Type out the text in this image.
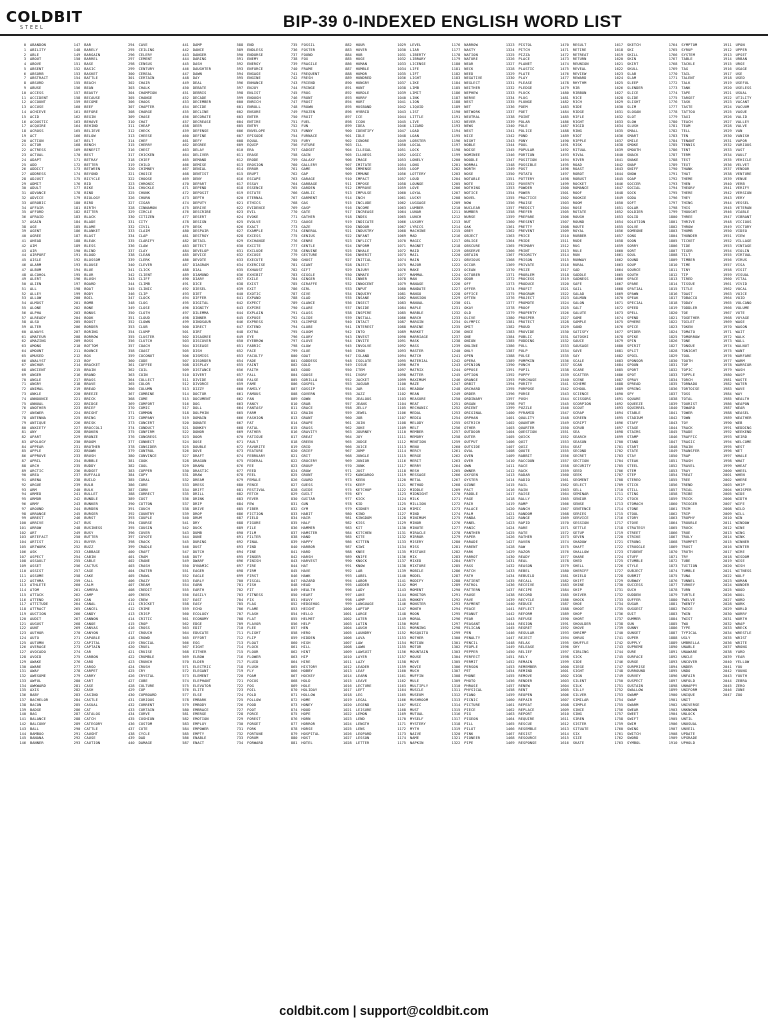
COLDBIT
STEEL	BIP-39 0-INDEXED ENGLISH WORD LIST
0	ABANDON
1	ABILITY
2	ABLE
3	ABOUT
4	ABOVE
5	ABSENT
6	ABSORB
7	ABSTRACT
8	ABSURD
9	ABUSE
10	ACCESS
11	ACCIDENT
12	ACCOUNT
13	ACCUSE
14	ACHIEVE
15	ACID
16	ACOUSTIC
17	ACQUIRE
18	ACROSS
19	ACT
20	ACTION
21	ACTOR
22	ACTRESS
23	ACTUAL
24	ADAPT
25	ADD
26	ADDICT
27	ADDRESS
28	ADJUST
29	ADMIT
30	ADULT
31	ADVANCE
32	ADVICE
33	AEROBIC
34	AFFAIR
35	AFFORD
36	AFRAID
37	AGAIN
38	AGE
39	AGENT
40	AGREE
41	AHEAD
42	AIM
43	AIR
44	AIRPORT
45	AISLE
46	ALARM
47	ALBUM
48	ALCOHOL
49	ALERT
50	ALIEN
51	ALL
52	ALLEY
53	ALLOW
54	ALMOST
55	ALONE
56	ALPHA
57	ALREADY
58	ALSO
59	ALTER
60	ALWAYS
61	AMATEUR
62	AMAZING
63	AMONG
64	AMOUNT
65	AMUSED
66	ANALYST
67	ANCHOR
68	ANCIENT
69	ANGER
70	ANGLE
71	ANGRY
72	ANIMAL
73	ANKLE
74	ANNOUNCE
75	ANNUAL
76	ANOTHER
77	ANSWER
78	ANTENNA
79	ANTIQUE
80	ANXIETY
81	ANY
82	APART
83	APOLOGY
84	APPEAR
85	APPLE
86	APPROVE
87	APRIL
88	ARCH
89	ARCTIC
90	AREA
91	ARENA
92	ARGUE
93	ARM
94	ARMED
95	ARMOR
96	ARMY
97	AROUND
98	ARRANGE
99	ARREST
100	ARRIVE
101	ARROW
102	ART
103	ARTEFACT
104	ARTIST
105	ARTWORK
106	ASK
107	ASPECT
108	ASSAULT
109	ASSET
110	ASSIST
111	ASSUME
112	ASTHMA
113	ATHLETE
114	ATOM
115	ATTACK
116	ATTEND
117	ATTITUDE
118	ATTRACT
119	AUCTION
120	AUDIT
121	AUGUST
122	AUNT
123	AUTHOR
124	AUTO
125	AUTUMN
126	AVERAGE
127	AVOCADO
128	AVOID
129	AWAKE
130	AWARE
131	AWAY
132	AWESOME
133	AWFUL
134	AWKWARD
135	AXIS
136	BABY
137	BACHELOR
138	BACON
139	BADGE
140	BAG
141	BALANCE
142	BALCONY
143	BALL
144	BAMBOO
145	BANANA
146	BANNER
147	BAR
148	BARELY
149	BARGAIN
150	BARREL
151	BASE
152	BASIC
153	BASKET
154	BATTLE
155	BEACH
156	BEAN
157	BEAUTY
158	BECAUSE
159	BECOME
160	BEEF
161	BEFORE
162	BEGIN
163	BEHAVE
164	BEHIND
165	BELIEVE
166	BELOW
167	BELT
168	BENCH
169	BENEFIT
170	BEST
171	BETRAY
172	BETTER
173	BETWEEN
174	BEYOND
175	BICYCLE
176	BID
177	BIKE
178	BIND
179	BIOLOGY
180	BIRD
181	BIRTH
182	BITTER
183	BLACK
184	BLADE
185	BLAME
186	BLANKET
187	BLAST
188	BLEAK
189	BLESS
190	BLIND
191	BLOOD
192	BLOSSOM
193	BLOUSE
194	BLUE
195	BLUR
196	BLUSH
197	BOARD
198	BOAT
199	BODY
200	BOIL
201	BOMB
202	BONE
203	BONUS
204	BOOK
205	BOOST
206	BORDER
207	BORING
208	BORROW
209	BOSS
210	BOTTOM
211	BOUNCE
212	BOX
213	BOY
214	BRACKET
215	BRAIN
216	BRAND
217	BRASS
218	BRAVE
219	BREAD
220	BREEZE
221	BRICK
222	BRIDGE
223	BRIEF
224	BRIGHT
225	BRING
226	BRISK
227	BROCCOLI
228	BROKEN
229	BRONZE
230	BROOM
231	BROTHER
232	BROWN
233	BRUSH
234	BUBBLE
235	BUDDY
236	BUDGET
237	BUFFALO
238	BUILD
239	BULB
240	BULK
241	BULLET
242	BUNDLE
243	BUNKER
244	BURDEN
245	BURGER
246	BURST
247	BUS
248	BUSINESS
249	BUSY
250	BUTTER
251	BUYER
252	BUZZ
253	CABBAGE
254	CABIN
255	CABLE
256	CACTUS
257	CAGE
258	CAKE
259	CALL
260	CALM
261	CAMERA
262	CAMP
263	CAN
264	CANAL
265	CANCEL
266	CANDY
267	CANNON
268	CANOE
269	CANVAS
270	CANYON
271	CAPABLE
272	CAPITAL
273	CAPTAIN
274	CAR
275	CARBON
276	CARD
277	CARGO
278	CARPET
279	CARRY
280	CART
281	CASE
282	CASH
283	CASINO
284	CASTLE
285	CASUAL
286	CAT
287	CATALOG
288	CATCH
289	CATEGORY
290	CATTLE
291	CAUGHT
292	CAUSE
293	CAUTION
294	CAVE
295	CEILING
296	CELERY
297	CEMENT
298	CENSUS
299	CENTURY
300	CEREAL
301	CERTAIN
302	CHAIR
303	CHALK
304	CHAMPION
305	CHANGE
306	CHAOS
307	CHAPTER
308	CHARGE
309	CHASE
310	CHAT
311	CHEAP
312	CHECK
313	CHEESE
314	CHEF
315	CHERRY
316	CHEST
317	CHICKEN
318	CHIEF
319	CHILD
320	CHIMNEY
321	CHOICE
322	CHOOSE
323	CHRONIC
324	CHUCKLE
325	CHUNK
326	CHURN
327	CIGAR
328	CINNAMON
329	CIRCLE
330	CITIZEN
331	CITY
332	CIVIL
333	CLAIM
334	CLAP
335	CLARIFY
336	CLAW
337	CLAY
338	CLEAN
339	CLERK
340	CLEVER
341	CLICK
342	CLIENT
343	CLIFF
344	CLIMB
345	CLINIC
346	CLIP
347	CLOCK
348	CLOG
349	CLOSE
350	CLOTH
351	CLOUD
352	CLOWN
353	CLUB
354	CLUMP
355	CLUSTER
356	CLUTCH
357	COACH
358	COAST
359	COCONUT
360	CODE
361	COFFEE
362	COIL
363	COIN
364	COLLECT
365	COLOR
366	COLUMN
367	COMBINE
368	COME
369	COMFORT
370	COMIC
371	COMMON
372	COMPANY
373	CONCERT
374	CONDUCT
375	CONFIRM
376	CONGRESS
377	CONNECT
378	CONSIDER
379	CONTROL
380	CONVINCE
381	COOK
382	COOL
383	COPPER
384	COPY
385	CORAL
386	CORE
387	CORN
388	CORRECT
389	COST
390	COTTON
391	COUCH
392	COUNTRY
393	COUPLE
394	COURSE
395	COUSIN
396	COVER
397	COYOTE
398	CRACK
399	CRADLE
400	CRAFT
401	CRAM
402	CRANE
403	CRASH
404	CRATER
405	CRAWL
406	CRAZY
407	CREAM
408	CREDIT
409	CREEK
410	CREW
411	CRICKET
412	CRIME
413	CRISP
414	CRITIC
415	CROP
416	CROSS
417	CROUCH
418	CROWD
419	CRUCIAL
420	CRUEL
421	CRUISE
422	CRUMBLE
423	CRUNCH
424	CRUSH
425	CRY
426	CRYSTAL
427	CUBE
428	CULTURE
429	CUP
430	CUPBOARD
431	CURIOUS
432	CURRENT
433	CURTAIN
434	CURVE
435	CUSHION
436	CUSTOM
437	CUTE
438	CYCLE
439	DAD
440	DAMAGE
441	DAMP
442	DANCE
443	DANGER
444	DARING
445	DASH
446	DAUGHTER
447	DAWN
448	DAY
449	DEAL
450	DEBATE
451	DEBRIS
452	DECADE
453	DECEMBER
454	DECIDE
455	DECLINE
456	DECORATE
457	DECREASE
458	DEER
459	DEFENSE
460	DEFINE
461	DEFY
462	DEGREE
463	DELAY
464	DELIVER
465	DEMAND
466	DEMISE
467	DENIAL
468	DENTIST
469	DENY
470	DEPART
471	DEPEND
472	DEPOSIT
473	DEPTH
474	DEPUTY
475	DERIVE
476	DESCRIBE
477	DESERT
478	DESIGN
479	DESK
480	DESPAIR
481	DESTROY
482	DETAIL
483	DETECT
484	DEVELOP
485	DEVICE
486	DEVOTE
487	DIAGRAM
488	DIAL
489	DIAMOND
490	DIARY
491	DICE
492	DIESEL
493	DIET
494	DIFFER
495	DIGITAL
496	DIGNITY
497	DILEMMA
498	DINNER
499	DINOSAUR
500	DIRECT
501	DIRT
502	DISAGREE
503	DISCOVER
504	DISEASE
505	DISH
506	DISMISS
507	DISORDER
508	DISPLAY
509	DISTANCE
510	DIVERT
511	DIVIDE
512	DIVORCE
513	DIZZY
514	DOCTOR
515	DOCUMENT
516	DOG
517	DOLL
518	DOLPHIN
519	DOMAIN
520	DONATE
521	DONKEY
522	DONOR
523	DOOR
524	DOSE
525	DOUBLE
526	DOVE
527	DRAFT
528	DRAGON
529	DRAMA
530	DRASTIC
531	DRAW
532	DREAM
533	DRESS
534	DRIFT
535	DRILL
536	DRINK
537	DRIP
538	DRIVE
539	DROP
540	DRUM
541	DRY
542	DUCK
543	DUMB
544	DUNE
545	DURING
546	DUST
547	DUTCH
548	DUTY
549	DWARF
550	DYNAMIC
551	EAGER
552	EAGLE
553	EARLY
554	EARN
555	EARTH
556	EASILY
557	EAST
558	EASY
559	ECHO
560	ECOLOGY
561	ECONOMY
562	EDGE
563	EDIT
564	EDUCATE
565	EFFORT
566	EGG
567	EIGHT
568	EITHER
569	ELBOW
570	ELDER
571	ELECTRIC
572	ELEGANT
573	ELEMENT
574	ELEPHANT
575	ELEVATOR
576	ELITE
577	ELSE
578	EMBARK
579	EMBODY
580	EMBRACE
581	EMERGE
582	EMOTION
583	EMPLOY
584	EMPOWER
585	EMPTY
586	ENABLE
587	ENACT
588	END
589	ENDLESS
590	ENDORSE
591	ENEMY
592	ENERGY
593	ENFORCE
594	ENGAGE
595	ENGINE
596	ENHANCE
597	ENJOY
598	ENLIST
599	ENOUGH
600	ENRICH
601	ENROLL
602	ENSURE
603	ENTER
604	ENTIRE
605	ENTRY
606	ENVELOPE
607	EPISODE
608	EQUAL
609	EQUIP
610	ERA
611	ERASE
612	ERODE
613	EROSION
614	ERROR
615	ERUPT
616	ESCAPE
617	ESSAY
618	ESSENCE
619	ESTATE
620	ETERNAL
621	ETHICS
622	EVIDENCE
623	EVIL
624	EVOKE
625	EVOLVE
626	EXACT
627	EXAMPLE
628	EXCESS
629	EXCHANGE
630	EXCITE
631	EXCLUDE
632	EXCUSE
633	EXECUTE
634	EXERCISE
635	EXHAUST
636	EXHIBIT
637	EXILE
638	EXIST
639	EXIT
640	EXOTIC
641	EXPAND
642	EXPECT
643	EXPIRE
644	EXPLAIN
645	EXPOSE
646	EXPRESS
647	EXTEND
648	EXTRA
649	EYE
650	EYEBROW
651	FABRIC
652	FACE
653	FACULTY
654	FADE
655	FAINT
656	FAITH
657	FALL
658	FALSE
659	FAME
660	FAMILY
661	FAMOUS
662	FAN
663	FANCY
664	FANTASY
665	FARM
666	FASHION
667	FAT
668	FATAL
669	FATHER
670	FATIGUE
671	FAULT
672	FAVORITE
673	FEATURE
674	FEBRUARY
675	FEDERAL
676	FEE
677	FEED
678	FEEL
679	FEMALE
680	FENCE
681	FESTIVAL
682	FETCH
683	FEVER
684	FEW
685	FIBER
686	FICTION
687	FIELD
688	FIGURE
689	FILE
690	FILM
691	FILTER
692	FINAL
693	FIND
694	FINE
695	FINGER
696	FINISH
697	FIRE
698	FIRM
699	FIRST
700	FISCAL
701	FISH
702	FIT
703	FITNESS
704	FIX
705	FLAG
706	FLAME
707	FLASH
708	FLAT
709	FLAVOR
710	FLEE
711	FLIGHT
712	FLIP
713	FLOAT
714	FLOCK
715	FLOOR
716	FLOWER
717	FLUID
718	FLUSH
719	FLY
720	FOAM
721	FOCUS
722	FOG
723	FOIL
724	FOLD
725	FOLLOW
726	FOOD
727	FOOT
728	FORCE
729	FOREST
730	FORGET
731	FORK
732	FORTUNE
733	FORUM
734	FORWARD
735	FOSSIL
736	FOSTER
737	FOUND
738	FOX
739	FRAGILE
740	FRAME
741	FREQUENT
742	FRESH
743	FRIEND
744	FRINGE
745	FROG
746	FRONT
747	FROST
748	FROWN
749	FROZEN
750	FRUIT
751	FUEL
752	FUN
753	FUNNY
754	FURNACE
755	FURY
756	FUTURE
757	GADGET
758	GAIN
759	GALAXY
760	GALLERY
761	GAME
762	GAP
763	GARAGE
764	GARBAGE
765	GARDEN
766	GARLIC
767	GARMENT
768	GAS
769	GASP
770	GATE
771	GATHER
772	GAUGE
773	GAZE
774	GENERAL
775	GENIUS
776	GENRE
777	GENTLE
778	GENUINE
779	GESTURE
780	GHOST
781	GIANT
782	GIFT
783	GIGGLE
784	GINGER
785	GIRAFFE
786	GIRL
787	GIVE
788	GLAD
789	GLANCE
790	GLARE
791	GLASS
792	GLIDE
793	GLIMPSE
794	GLOBE
795	GLOOM
796	GLORY
797	GLOVE
798	GLOW
799	GLUE
800	GOAT
801	GODDESS
802	GOLD
803	GOOD
804	GOOSE
805	GORILLA
806	GOSPEL
807	GOSSIP
808	GOVERN
809	GOWN
810	GRAB
811	GRACE
812	GRAIN
813	GRANT
814	GRAPE
815	GRASS
816	GRAVITY
817	GREAT
818	GREEN
819	GRID
820	GRIEF
821	GRIT
822	GROCERY
823	GROUP
824	GROW
825	GRUNT
826	GUARD
827	GUESS
828	GUIDE
829	GUILT
830	GUITAR
831	GUN
832	GYM
833	HABIT
834	HAIR
835	HALF
836	HAMMER
837	HAMSTER
838	HAND
839	HAPPY
840	HARBOR
841	HARD
842	HARSH
843	HARVEST
844	HAT
845	HAVE
846	HAWK
847	HAZARD
848	HEAD
849	HEALTH
850	HEART
851	HEAVY
852	HEDGEHOG
853	HEIGHT
854	HELLO
855	HELMET
856	HELP
857	HEN
858	HERO
859	HIDDEN
860	HIGH
861	HILL
862	HINT
863	HIP
864	HIRE
865	HISTORY
866	HOBBY
867	HOCKEY
868	HOLD
869	HOLE
870	HOLIDAY
871	HOLLOW
872	HOME
873	HONEY
874	HOOD
875	HOPE
876	HORN
877	HORROR
878	HORSE
879	HOSPITAL
880	HOST
881	HOTEL
882	HOUR
883	HOVER
884	HUB
885	HUGE
886	HUMAN
887	HUMBLE
888	HUMOR
889	HUNDRED
890	HUNGRY
891	HUNT
892	HURDLE
893	HURRY
894	HURT
895	HUSBAND
896	HYBRID
897	ICE
898	ICON
899	IDEA
900	IDENTIFY
901	IDLE
902	IGNORE
903	ILL
904	ILLEGAL
905	ILLNESS
906	IMAGE
907	IMITATE
908	IMMENSE
909	IMMUNE
910	IMPACT
911	IMPOSE
912	IMPROVE
913	IMPULSE
914	INCH
915	INCLUDE
916	INCOME
917	INCREASE
918	INDEX
919	INDICATE
920	INDOOR
921	INDUSTRY
922	INFANT
923	INFLICT
924	INFORM
925	INHALE
926	INHERIT
927	INITIAL
928	INJECT
929	INJURY
930	INMATE
931	INNER
932	INNOCENT
933	INPUT
934	INQUIRY
935	INSANE
936	INSECT
937	INSIDE
938	INSPIRE
939	INSTALL
940	INTACT
941	INTEREST
942	INTO
943	INVEST
944	INVITE
945	INVOLVE
946	IRON
947	ISLAND
948	ISOLATE
949	ISSUE
950	ITEM
951	IVORY
952	JACKET
953	JAGUAR
954	JAR
955	JAZZ
956	JEALOUS
957	JEANS
958	JELLY
959	JEWEL
960	JOB
961	JOIN
962	JOKE
963	JOURNEY
964	JOY
965	JUDGE
966	JUICE
967	JUMP
968	JUNGLE
969	JUNIOR
970	JUNK
971	JUST
972	KANGAROO
973	KEEN
974	KEEP
975	KETCHUP
976	KEY
977	KICK
978	KID
979	KIDNEY
980	KIND
981	KINGDOM
982	KISS
983	KIT
984	KITCHEN
985	KITE
986	KITTEN
987	KIWI
988	KNEE
989	KNIFE
990	KNOCK
991	KNOW
992	LAB
993	LABEL
994	LABOR
995	LADDER
996	LADY
997	LAKE
998	LAMP
999	LANGUAGE
1000	LAPTOP
1001	LARGE
1002	LATER
1003	LATIN
1004	LAUGH
1005	LAUNDRY
1006	LAVA
1007	LAW
1008	LAWN
1009	LAWSUIT
1010	LAYER
1011	LAZY
1012	LEADER
1013	LEAF
1014	LEARN
1015	LEAVE
1016	LECTURE
1017	LEFT
1018	LEG
1019	LEGAL
1020	LEGEND
1021	LEISURE
1022	LEMON
1023	LEND
1024	LENGTH
1025	LENS
1026	LEOPARD
1027	LESSON
1028	LETTER
1029	LEVEL
1030	LIAR
1031	LIBERTY
1032	LIBRARY
1033	LICENSE
1034	LIFE
1035	LIFT
1036	LIGHT
1037	LIKE
1038	LIMB
1039	LIMIT
1040	LINK
1041	LION
1042	LIQUID
1043	LIST
1044	LITTLE
1045	LIVE
1046	LIZARD
1047	LOAD
1048	LOAN
1049	LOBSTER
1050	LOCAL
1051	LOCK
1052	LOGIC
1053	LONELY
1054	LONG
1055	LOOP
1056	LOTTERY
1057	LOUD
1058	LOUNGE
1059	LOVE
1060	LOYAL
1061	LUCKY
1062	LUGGAGE
1063	LUMBER
1064	LUNAR
1065	LUNCH
1066	LUXURY
1067	LYRICS
1068	MACHINE
1069	MAD
1070	MAGIC
1071	MAGNET
1072	MAID
1073	MAIL
1074	MAIN
1075	MAJOR
1076	MAKE
1077	MAMMAL
1078	MAN
1079	MANAGE
1080	MANDATE
1081	MANGO
1082	MANSION
1083	MANUAL
1084	MAPLE
1085	MARBLE
1086	MARCH
1087	MARGIN
1088	MARINE
1089	MARKET
1090	MARRIAGE
1091	MASK
1092	MASS
1093	MASTER
1094	MATCH
1095	MATERIAL
1096	MATH
1097	MATRIX
1098	MATTER
1099	MAXIMUM
1100	MAZE
1101	MEADOW
1102	MEAN
1103	MEASURE
1104	MEAT
1105	MECHANIC
1106	MEDAL
1107	MEDIA
1108	MELODY
1109	MELT
1110	MEMBER
1111	MEMORY
1112	MENTION
1113	MENU
1114	MERCY
1115	MERGE
1116	MERIT
1117	MERRY
1118	MESH
1119	MESSAGE
1120	METAL
1121	METHOD
1122	MIDDLE
1123	MIDNIGHT
1124	MILK
1125	MILLION
1126	MIMIC
1127	MIND
1128	MINIMUM
1129	MINOR
1130	MINUTE
1131	MIRACLE
1132	MIRROR
1133	MISERY
1134	MISS
1135	MISTAKE
1136	MIX
1137	MIXED
1138	MIXTURE
1139	MOBILE
1140	MODEL
1141	MODIFY
1142	MOM
1143	MOMENT
1144	MONITOR
1145	MONKEY
1146	MONSTER
1147	MONTH
1148	MOON
1149	MORAL
1150	MORE
1151	MORNING
1152	MOSQUITO
1153	MOTHER
1154	MOTION
1155	MOTOR
1156	MOUNTAIN
1157	MOUSE
1158	MOVE
1159	MOVIE
1160	MUCH
1161	MUFFIN
1162	MULE
1163	MULTIPLY
1164	MUSCLE
1165	MUSEUM
1166	MUSHROOM
1167	MUSIC
1168	MUST
1169	MUTUAL
1170	MYSELF
1171	MYSTERY
1172	MYTH
1173	NAIVE
1174	NAME
1175	NAPKIN
1176	NARROW
1177	NASTY
1178	NATION
1179	NATURE
1180	NEAR
1181	NECK
1182	NEED
1183	NEGATIVE
1184	NEGLECT
1185	NEITHER
1186	NEPHEW
1187	NERVE
1188	NEST
1189	NET
1190	NETWORK
1191	NEUTRAL
1192	NEVER
1193	NEWS
1194	NEXT
1195	NICE
1196	NIGHT
1197	NOBLE
1198	NOISE
1199	NOMINEE
1200	NOODLE
1201	NORMAL
1202	NORTH
1203	NOSE
1204	NOTABLE
1205	NOTE
1206	NOTHING
1207	NOTICE
1208	NOVEL
1209	NOW
1210	NUCLEAR
1211	NUMBER
1212	NURSE
1213	NUT
1214	OAK
1215	OBEY
1216	OBJECT
1217	OBLIGE
1218	OBSCURE
1219	OBSERVE
1220	OBTAIN
1221	OBVIOUS
1222	OCCUR
1223	OCEAN
1224	OCTOBER
1225	ODOR
1226	OFF
1227	OFFER
1228	OFFICE
1229	OFTEN
1230	OIL
1231	OKAY
1232	OLD
1233	OLIVE
1234	OLYMPIC
1235	OMIT
1236	ONCE
1237	ONE
1238	ONION
1239	ONLINE
1240	ONLY
1241	OPEN
1242	OPERA
1243	OPINION
1244	OPPOSE
1245	OPTION
1246	ORANGE
1247	ORBIT
1248	ORCHARD
1249	ORDER
1250	ORDINARY
1251	ORGAN
1252	ORIENT
1253	ORIGINAL
1254	ORPHAN
1255	OSTRICH
1256	OTHER
1257	OUTDOOR
1258	OUTER
1259	OUTPUT
1260	OUTSIDE
1261	OVAL
1262	OVEN
1263	OVER
1264	OWN
1265	OWNER
1266	OXYGEN
1267	OYSTER
1268	OZONE
1269	PACT
1270	PADDLE
1271	PAGE
1272	PAIR
1273	PALACE
1274	PALM
1275	PANDA
1276	PANEL
1277	PANIC
1278	PANTHER
1279	PAPER
1280	PARADE
1281	PARENT
1282	PARK
1283	PARROT
1284	PARTY
1285	PASS
1286	PATCH
1287	PATH
1288	PATIENT
1289	PATROL
1290	PATTERN
1291	PAUSE
1292	PAVE
1293	PAYMENT
1294	PEACE
1295	PEANUT
1296	PEAR
1297	PEASANT
1298	PELICAN
1299	PEN
1300	PENALTY
1301	PENCIL
1302	PEOPLE
1303	PEPPER
1304	PERFECT
1305	PERMIT
1306	PERSON
1307	PET
1308	PHONE
1309	PHOTO
1310	PHRASE
1311	PHYSICAL
1312	PIANO
1313	PICNIC
1314	PICTURE
1315	PIECE
1316	PIG
1317	PIGEON
1318	PILL
1319	PILOT
1320	PINK
1321	PIONEER
1322	PIPE
1323	PISTOL
1324	PITCH
1325	PIZZA
1326	PLACE
1327	PLANET
1328	PLASTIC
1329	PLATE
1330	PLAY
1331	PLEASE
1332	PLEDGE
1333	PLUCK
1334	PLUG
1335	PLUNGE
1336	POEM
1337	POET
1338	POINT
1339	POLAR
1340	POLE
1341	POLICE
1342	POND
1343	PONY
1344	POOL
1345	POPULAR
1346	PORTION
1347	POSITION
1348	POSSIBLE
1349	POST
1350	POTATO
1351	POTTERY
1352	POVERTY
1353	POWDER
1354	POWER
1355	PRACTICE
1356	PRAISE
1357	PREDICT
1358	PREFER
1359	PREPARE
1360	PRESENT
1361	PRETTY
1362	PREVENT
1363	PRICE
1364	PRIDE
1365	PRIMARY
1366	PRINT
1367	PRIORITY
1368	PRISON
1369	PRIVATE
1370	PRIZE
1371	PROBLEM
1372	PROCESS
1373	PRODUCE
1374	PROFIT
1375	PROGRAM
1376	PROJECT
1377	PROMOTE
1378	PROOF
1379	PROPERTY
1380	PROSPER
1381	PROTECT
1382	PROUD
1383	PROVIDE
1384	PUBLIC
1385	PUDDING
1386	PULL
1387	PULP
1388	PULSE
1389	PUMPKIN
1390	PUNCH
1391	PUPIL
1392	PUPPY
1393	PURCHASE
1394	PURITY
1395	PURPOSE
1396	PURSE
1397	PUSH
1398	PUT
1399	PUZZLE
1400	PYRAMID
1401	QUALITY
1402	QUANTUM
1403	QUARTER
1404	QUESTION
1405	QUICK
1406	QUIT
1407	QUIZ
1408	QUOTE
1409	RABBIT
1410	RACCOON
1411	RACE
1412	RACK
1413	RADAR
1414	RADIO
1415	RAIL
1416	RAIN
1417	RAISE
1418	RALLY
1419	RAMP
1420	RANCH
1421	RANDOM
1422	RANGE
1423	RAPID
1424	RARE
1425	RATE
1426	RATHER
1427	RAVEN
1428	RAW
1429	RAZOR
1430	READY
1431	REAL
1432	REASON
1433	REBEL
1434	REBUILD
1435	RECALL
1436	RECEIVE
1437	RECIPE
1438	RECORD
1439	RECYCLE
1440	REDUCE
1441	REFLECT
1442	REFORM
1443	REFUSE
1444	REGION
1445	REGRET
1446	REGULAR
1447	REJECT
1448	RELAX
1449	RELEASE
1450	RELIEF
1451	RELY
1452	REMAIN
1453	REMEMBER
1454	REMIND
1455	REMOVE
1456	RENDER
1457	RENEW
1458	RENT
1459	REOPEN
1460	REPAIR
1461	REPEAT
1462	REPLACE
1463	REPORT
1464	REQUIRE
1465	RESCUE
1466	RESEMBLE
1467	RESIST
1468	RESOURCE
1469	RESPONSE
1470	RESULT
1471	RETIRE
1472	RETREAT
1473	RETURN
1474	REUNION
1475	REVEAL
1476	REVIEW
1477	REWARD
1478	RHYTHM
1479	RIB
1480	RIBBON
1481	RICE
1482	RICH
1483	RIDE
1484	RIDGE
1485	RIFLE
1486	RIGHT
1487	RIGID
1488	RING
1489	RIOT
1490	RIPPLE
1491	RISK
1492	RITUAL
1493	RIVAL
1494	RIVER
1495	ROAD
1496	ROAST
1497	ROBOT
1498	ROBUST
1499	ROCKET
1500	ROMANCE
1501	ROOF
1502	ROOKIE
1503	ROOM
1504	ROSE
1505	ROTATE
1506	ROUGH
1507	ROUND
1508	ROUTE
1509	ROYAL
1510	RUBBER
1511	RUDE
1512	RUG
1513	RULE
1514	RUN
1515	RUNWAY
1516	RURAL
1517	SAD
1518	SADDLE
1519	SADNESS
1520	SAFE
1521	SAIL
1522	SALAD
1523	SALMON
1524	SALON
1525	SALT
1526	SALUTE
1527	SAME
1528	SAMPLE
1529	SAND
1530	SATISFY
1531	SATOSHI
1532	SAUCE
1533	SAUSAGE
1534	SAVE
1535	SAY
1536	SCALE
1537	SCAN
1538	SCARE
1539	SCATTER
1540	SCENE
1541	SCHEME
1542	SCHOOL
1543	SCIENCE
1544	SCISSORS
1545	SCORPION
1546	SCOUT
1547	SCRAP
1548	SCREEN
1549	SCRIPT
1550	SCRUB
1551	SEA
1552	SEARCH
1553	SEASON
1554	SEAT
1555	SECOND
1556	SECRET
1557	SECTION
1558	SECURITY
1559	SEED
1560	SEEK
1561	SEGMENT
1562	SELECT
1563	SELL
1564	SEMINAR
1565	SENIOR
1566	SENSE
1567	SENTENCE
1568	SERIES
1569	SERVICE
1570	SESSION
1571	SETTLE
1572	SETUP
1573	SEVEN
1574	SHADOW
1575	SHAFT
1576	SHALLOW
1577	SHARE
1578	SHED
1579	SHELL
1580	SHERIFF
1581	SHIELD
1582	SHIFT
1583	SHINE
1584	SHIP
1585	SHIVER
1586	SHOCK
1587	SHOE
1588	SHOOT
1589	SHOP
1590	SHORT
1591	SHOULDER
1592	SHOVE
1593	SHRIMP
1594	SHRUG
1595	SHUFFLE
1596	SHY
1597	SIBLING
1598	SICK
1599	SIDE
1600	SIEGE
1601	SIGHT
1602	SIGN
1603	SILENT
1604	SILK
1605	SILLY
1606	SILVER
1607	SIMILAR
1608	SIMPLE
1609	SINCE
1610	SING
1611	SIREN
1612	SISTER
1613	SITUATE
1614	SIX
1615	SIZE
1616	SKATE
1617	SKETCH
1618	SKI
1619	SKILL
1620	SKIN
1621	SKIRT
1622	SKULL
1623	SLAB
1624	SLAM
1625	SLEEP
1626	SLENDER
1627	SLICE
1628	SLIDE
1629	SLIGHT
1630	SLIM
1631	SLOGAN
1632	SLOT
1633	SLOW
1634	SLUSH
1635	SMALL
1636	SMART
1637	SMILE
1638	SMOKE
1639	SMOOTH
1640	SNACK
1641	SNAKE
1642	SNAP
1643	SNIFF
1644	SNOW
1645	SOAP
1646	SOCCER
1647	SOCIAL
1648	SOCK
1649	SODA
1650	SOFT
1651	SOLAR
1652	SOLDIER
1653	SOLID
1654	SOLUTION
1655	SOLVE
1656	SOMEONE
1657	SONG
1658	SOON
1659	SORRY
1660	SORT
1661	SOUL
1662	SOUND
1663	SOUP
1664	SOURCE
1665	SOUTH
1666	SPACE
1667	SPARE
1668	SPATIAL
1669	SPAWN
1670	SPEAK
1671	SPECIAL
1672	SPEED
1673	SPELL
1674	SPEND
1675	SPHERE
1676	SPICE
1677	SPIDER
1678	SPIKE
1679	SPIN
1680	SPIRIT
1681	SPLIT
1682	SPOIL
1683	SPONSOR
1684	SPOON
1685	SPORT
1686	SPOT
1687	SPRAY
1688	SPREAD
1689	SPRING
1690	SPY
1691	SQUARE
1692	SQUEEZE
1693	SQUIRREL
1694	STABLE
1695	STADIUM
1696	STAFF
1697	STAGE
1698	STAIRS
1699	STAMP
1700	STAND
1701	START
1702	STATE
1703	STAY
1704	STEAK
1705	STEEL
1706	STEM
1707	STEP
1708	STEREO
1709	STICK
1710	STILL
1711	STING
1712	STOCK
1713	STOMACH
1714	STONE
1715	STOOL
1716	STORY
1717	STOVE
1718	STRATEGY
1719	STREET
1720	STRIKE
1721	STRONG
1722	STRUGGLE
1723	STUDENT
1724	STUFF
1725	STUMBLE
1726	STYLE
1727	SUBJECT
1728	SUBMIT
1729	SUBWAY
1730	SUCCESS
1731	SUCH
1732	SUDDEN
1733	SUFFER
1734	SUGAR
1735	SUGGEST
1736	SUIT
1737	SUMMER
1738	SUN
1739	SUNNY
1740	SUNSET
1741	SUPER
1742	SUPPLY
1743	SUPREME
1744	SURE
1745	SURFACE
1746	SURGE
1747	SURPRISE
1748	SURROUND
1749	SURVEY
1750	SUSPECT
1751	SUSTAIN
1752	SWALLOW
1753	SWAMP
1754	SWAP
1755	SWARM
1756	SWEAR
1757	SWEET
1758	SWIFT
1759	SWIM
1760	SWING
1761	SWITCH
1762	SWORD
1763	SYMBOL
1764	SYMPTOM
1765	SYRUP
1766	SYSTEM
1767	TABLE
1768	TACKLE
1769	TAG
1770	TAIL
1771	TALENT
1772	TALK
1773	TANK
1774	TAPE
1775	TARGET
1776	TASK
1777	TASTE
1778	TATTOO
1779	TAXI
1780	TEACH
1781	TEAM
1782	TELL
1783	TEN
1784	TENANT
1785	TENNIS
1786	TENT
1787	TERM
1788	TEST
1789	TEXT
1790	THANK
1791	THAT
1792	THEME
1793	THEN
1794	THEORY
1795	THERE
1796	THEY
1797	THING
1798	THIS
1799	THOUGHT
1800	THREE
1801	THRIVE
1802	THROW
1803	THUMB
1804	THUNDER
1805	TICKET
1806	TIDE
1807	TIGER
1808	TILT
1809	TIMBER
1810	TIME
1811	TINY
1812	TIP
1813	TIRED
1814	TISSUE
1815	TITLE
1816	TOAST
1817	TOBACCO
1818	TODAY
1819	TODDLER
1820	TOE
1821	TOGETHER
1822	TOILET
1823	TOKEN
1824	TOMATO
1825	TOMORROW
1826	TONE
1827	TONGUE
1828	TONIGHT
1829	TOOL
1830	TOOTH
1831	TOP
1832	TOPIC
1833	TOPPLE
1834	TORCH
1835	TORNADO
1836	TORTOISE
1837	TOSS
1838	TOTAL
1839	TOURIST
1840	TOWARD
1841	TOWER
1842	TOWN
1843	TOY
1844	TRACK
1845	TRADE
1846	TRAFFIC
1847	TRAGIC
1848	TRAIN
1849	TRANSFER
1850	TRAP
1851	TRASH
1852	TRAVEL
1853	TRAY
1854	TREAT
1855	TREE
1856	TREND
1857	TRIAL
1858	TRIBE
1859	TRICK
1860	TRIGGER
1861	TRIM
1862	TRIP
1863	TROPHY
1864	TROUBLE
1865	TRUCK
1866	TRUE
1867	TRULY
1868	TRUMPET
1869	TRUST
1870	TRUTH
1871	TRY
1872	TUBE
1873	TUITION
1874	TUMBLE
1875	TUNA
1876	TUNNEL
1877	TURKEY
1878	TURN
1879	TURTLE
1880	TWELVE
1881	TWENTY
1882	TWICE
1883	TWIN
1884	TWIST
1885	TWO
1886	TYPE
1887	TYPICAL
1888	UGLY
1889	UMBRELLA
1890	UNABLE
1891	UNAWARE
1892	UNCLE
1893	UNCOVER
1894	UNDER
1895	UNDO
1896	UNFAIR
1897	UNFOLD
1898	UNHAPPY
1899	UNIFORM
1900	UNIQUE
1901	UNIT
1902	UNIVERSE
1903	UNKNOWN
1904	UNLOCK
1905	UNTIL
1906	UNUSUAL
1907	UNVEIL
1908	UPDATE
1909	UPGRADE
1910	UPHOLD
1911	UPON
1912	UPPER
1913	UPSET
1914	URBAN
1915	URGE
1916	USAGE
1917	USE
1918	USED
1919	USEFUL
1920	USELESS
1921	USUAL
1922	UTILITY
1923	VACANT
1924	VACUUM
1925	VAGUE
1926	VALID
1927	VALLEY
1928	VALVE
1929	VAN
1930	VANISH
1931	VAPOR
1932	VARIOUS
1933	VAST
1934	VAULT
1935	VEHICLE
1936	VELVET
1937	VENDOR
1938	VENTURE
1939	VENUE
1940	VERB
1941	VERIFY
1942	VERSION
1943	VERY
1944	VESSEL
1945	VETERAN
1946	VIABLE
1947	VIBRANT
1948	VICIOUS
1949	VICTORY
1950	VIDEO
1951	VIEW
1952	VILLAGE
1953	VINTAGE
1954	VIOLIN
1955	VIRTUAL
1956	VIRUS
1957	VISA
1958	VISIT
1959	VISUAL
1960	VITAL
1961	VIVID
1962	VOCAL
1963	VOICE
1964	VOID
1965	VOLCANO
1966	VOLUME
1967	VOTE
1968	VOYAGE
1969	WAGE
1970	WAGON
1971	WAIT
1972	WALK
1973	WALL
1974	WALNUT
1975	WANT
1976	WARFARE
1977	WARM
1978	WARRIOR
1979	WASH
1980	WASP
1981	WASTE
1982	WATER
1983	WAVE
1984	WAY
1985	WEALTH
1986	WEAPON
1987	WEAR
1988	WEASEL
1989	WEATHER
1990	WEB
1991	WEDDING
1992	WEEKEND
1993	WEIRD
1994	WELCOME
1995	WEST
1996	WET
1997	WHALE
1998	WHAT
1999	WHEAT
2000	WHEEL
2001	WHEN
2002	WHERE
2003	WHIP
2004	WHISPER
2005	WIDE
2006	WIDTH
2007	WIFE
2008	WILD
2009	WILL
2010	WIN
2011	WINDOW
2012	WINE
2013	WING
2014	WINK
2015	WINNER
2016	WINTER
2017	WIRE
2018	WISDOM
2019	WISE
2020	WISH
2021	WITNESS
2022	WOLF
2023	WOMAN
2024	WONDER
2025	WOOD
2026	WOOL
2027	WORD
2028	WORK
2029	WORLD
2030	WORRY
2031	WORTH
2032	WRAP
2033	WRECK
2034	WRESTLE
2035	WRIST
2036	WRITE
2037	WRONG
2038	YARD
2039	YEAR
2040	YELLOW
2041	YOU
2042	YOUNG
2043	YOUTH
2044	ZEBRA
2045	ZERO
2046	ZONE
2047	ZOO
coldbit.com | support@coldbit.com
